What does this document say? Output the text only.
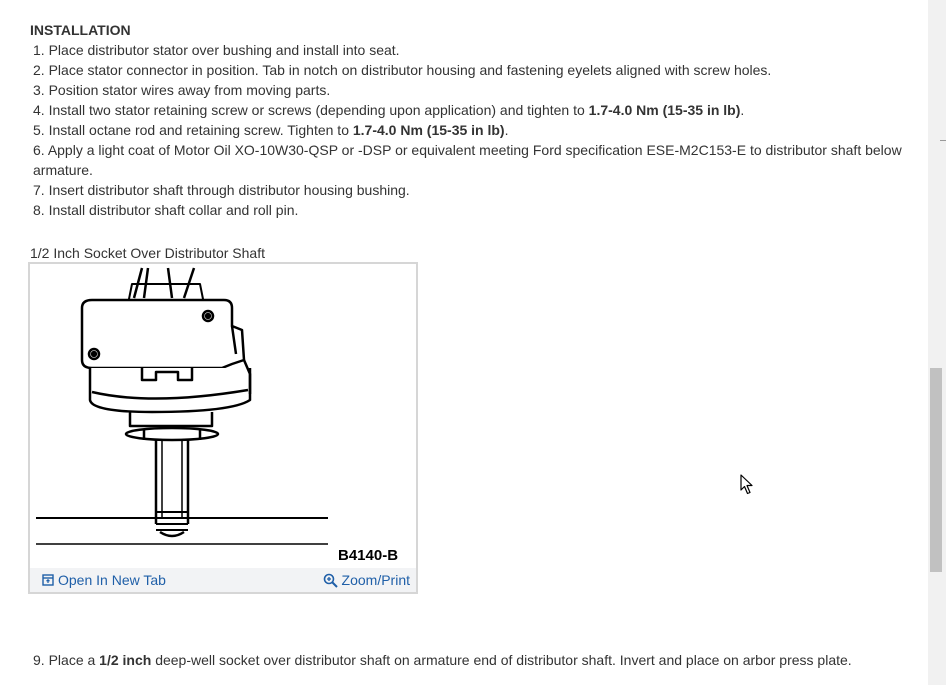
INSTALLATION
1. Place distributor stator over bushing and install into seat.
2. Place stator connector in position. Tab in notch on distributor housing and fastening eyelets aligned with screw holes.
3. Position stator wires away from moving parts.
4. Install two stator retaining screw or screws (depending upon application) and tighten to 1.7-4.0 Nm (15-35 in lb).
5. Install octane rod and retaining screw. Tighten to 1.7-4.0 Nm (15-35 in lb).
6. Apply a light coat of Motor Oil XO-10W30-QSP or -DSP or equivalent meeting Ford specification ESE-M2C153-E to distributor shaft below armature.
7. Insert distributor shaft through distributor housing bushing.
8. Install distributor shaft collar and roll pin.
1/2 Inch Socket Over Distributor Shaft
B4140-B
Open In New Tab	Zoom/Print
9. Place a 1/2 inch deep-well socket over distributor shaft on armature end of distributor shaft. Invert and place on arbor press plate.
